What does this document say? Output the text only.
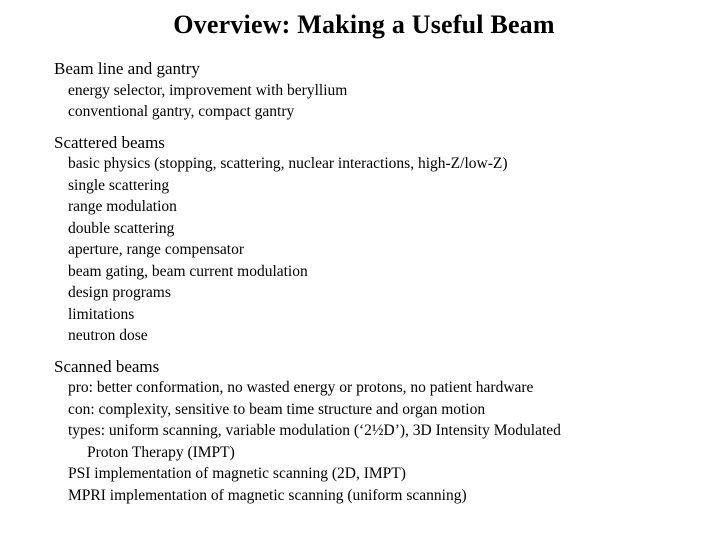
Overview: Making a Useful Beam
Beam line and gantry
energy selector, improvement with beryllium
conventional gantry, compact gantry
Scattered beams
basic physics (stopping, scattering, nuclear interactions, high-Z/low-Z)
single scattering
range modulation
double scattering
aperture, range compensator
beam gating, beam current modulation
design programs
limitations
neutron dose
Scanned beams
pro: better conformation, no wasted energy or protons, no patient hardware
con: complexity, sensitive to beam time structure and organ motion
types: uniform scanning, variable modulation (‘2½D’), 3D Intensity Modulated
Proton Therapy (IMPT)
PSI implementation of magnetic scanning (2D, IMPT)
MPRI implementation of magnetic scanning (uniform scanning)
